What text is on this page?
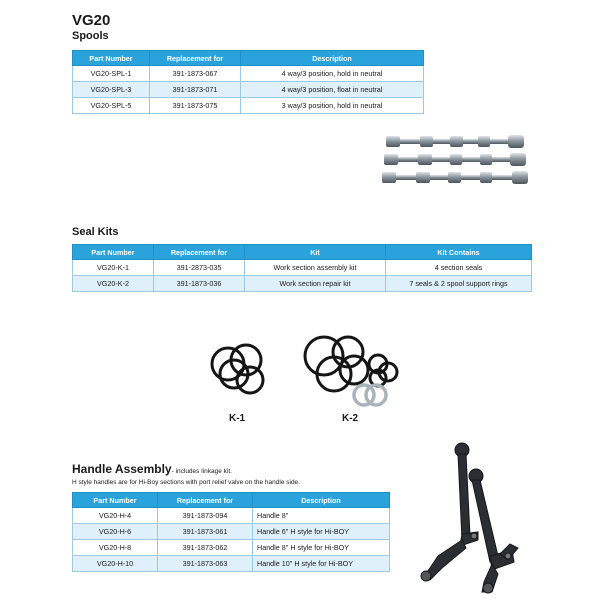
VG20
Spools
Part Number	Replacement for	Description
VG20-SPL-1	391-1873-067	4 way/3 position, hold in neutral
VG20-SPL-3	391-1873-071	4 way/3 position, float in neutral
VG20-SPL-5	391-1873-075	3 way/3 position, hold in neutral
Seal Kits
Part Number	Replacement for	Kit	Kit Contains
VG20-K-1	391-2873-035	Work section assembly kit	4 section seals
VG20-K-2	391-1873-036	Work section repair kit	7 seals & 2 spool support rings
K-1	K-2
Handle Assembly- includes linkage kit.
H style handles are for Hi-Boy sections with port relief valve on the handle side.
Part Number	Replacement for	Description
VG20-H-4	391-1873-094	Handle 8"
VG20-H-6	391-1873-061	Handle 6" H style for Hi-BOY
VG20-H-8	391-1873-062	Handle 8" H style for Hi-BOY
VG20-H-10	391-1873-063	Handle 10" H style for Hi-BOY
